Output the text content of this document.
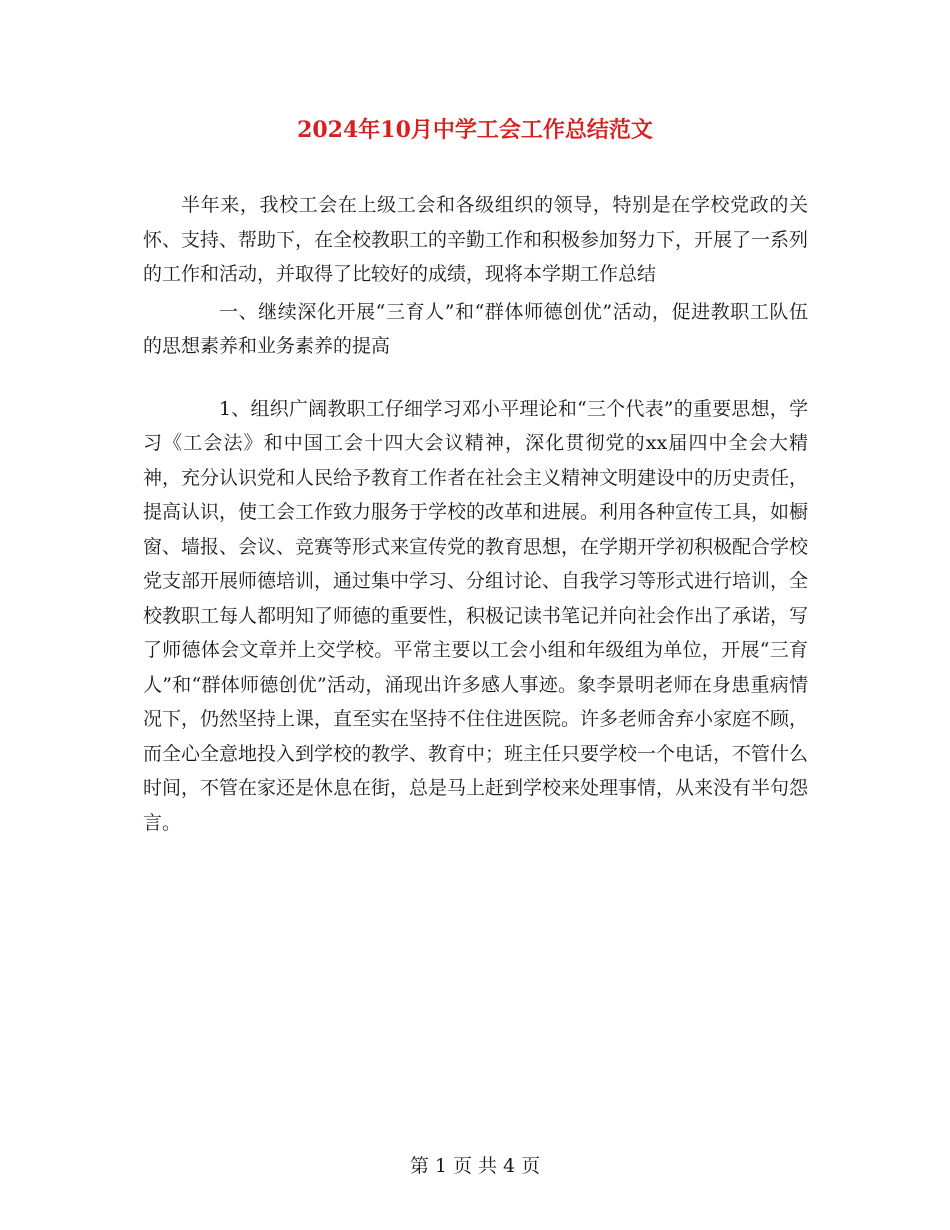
2024年10月中学工会工作总结范文

半年来，我校工会在上级工会和各级组织的领导，特别是在学校党政的关怀、支持、帮助下，在全校教职工的辛勤工作和积极参加努力下，开展了一系列的工作和活动，并取得了比较好的成绩，现将本学期工作总结

一、继续深化开展“三育人”和“群体师德创优”活动，促进教职工队伍的思想素养和业务素养的提高

1、组织广阔教职工仔细学习邓小平理论和“三个代表”的重要思想，学习《工会法》和中国工会十四大会议精神，深化贯彻党的xx届四中全会大精神，充分认识党和人民给予教育工作者在社会主义精神文明建设中的历史责任，提高认识，使工会工作致力服务于学校的改革和进展。利用各种宣传工具，如橱窗、墙报、会议、竞赛等形式来宣传党的教育思想，在学期开学初积极配合学校党支部开展师德培训，通过集中学习、分组讨论、自我学习等形式进行培训，全校教职工每人都明知了师德的重要性，积极记读书笔记并向社会作出了承诺，写了师德体会文章并上交学校。平常主要以工会小组和年级组为单位，开展“三育人”和“群体师德创优”活动，涌现出许多感人事迹。象李景明老师在身患重病情况下，仍然坚持上课，直至实在坚持不住住进医院。许多老师舍弃小家庭不顾，而全心全意地投入到学校的教学、教育中；班主任只要学校一个电话，不管什么时间，不管在家还是休息在街，总是马上赶到学校来处理事情，从来没有半句怨言。

第 1 页 共 4 页
